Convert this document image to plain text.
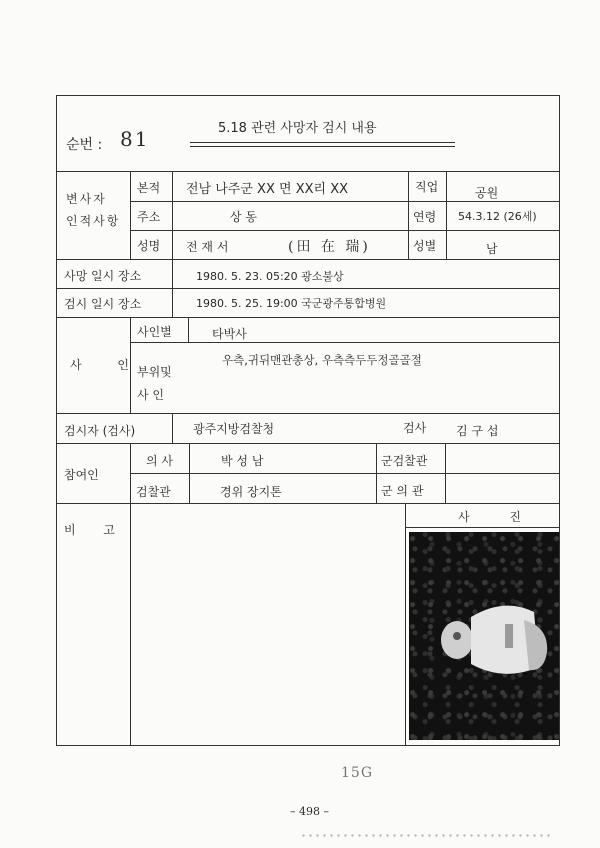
순번 : 81	5.18 관련 사망자 검시 내용
변사자 인적사항
본적 전남 나주군 XX 면 XX리 XX	직업	공원
주소	상 동	연령 54.3.12 (26세)
성명 전 재 서	(田 在 瑞)	성별	남
사망 일시 장소	1980. 5. 23. 05:20 광소불상
검시 일시 장소	1980. 5. 25. 19:00 국군광주통합병원
사 인
사인별	타박사
부위및
사 인
우측,귀뒤맨관총상, 우측측두두정골골절
검시자 (검사)	광주지방검찰청	검사 김 구 섭
참여인
의 사	박 성 남	군검찰관
검찰관	경위 장지톤	군 의 관
비 고
사 진
15G
– 498 –
